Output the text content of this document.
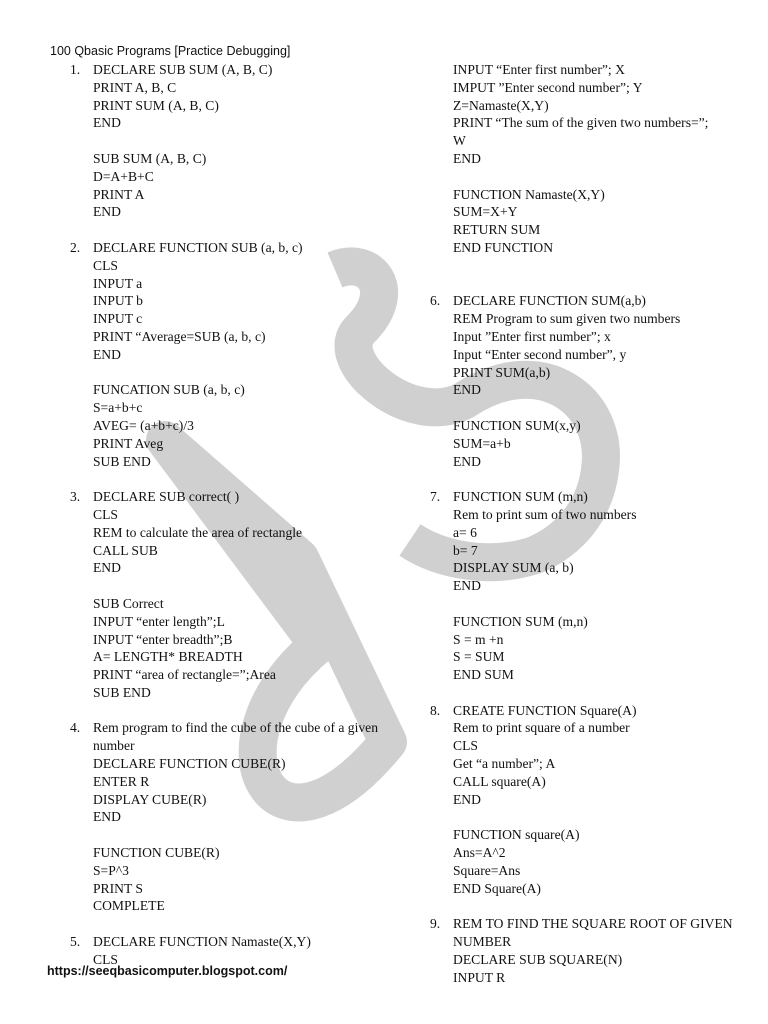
100 Qbasic Programs [Practice Debugging]
1. DECLARE SUB SUM (A, B, C)
PRINT A, B, C
PRINT SUM (A, B, C)
END
SUB SUM (A, B, C)
D=A+B+C
PRINT A
END
2. DECLARE FUNCTION SUB (a, b, c)
CLS
INPUT a
INPUT b
INPUT c
PRINT “Average=SUB (a, b, c)
END
FUNCATION SUB (a, b, c)
S=a+b+c
AVEG= (a+b+c)/3
PRINT Aveg
SUB END
3. DECLARE SUB correct( )
CLS
REM to calculate the area of rectangle
CALL SUB
END
SUB Correct
INPUT “enter length”;L
INPUT “enter breadth”;B
A= LENGTH* BREADTH
PRINT “area of rectangle=”;Area
SUB END
4. Rem program to find the cube of the cube of a given number
DECLARE FUNCTION CUBE(R)
ENTER R
DISPLAY CUBE(R)
END
FUNCTION CUBE(R)
S=P^3
PRINT S
COMPLETE
5. DECLARE FUNCTION Namaste(X,Y)
CLS
INPUT “Enter first number”; X
IMPUT ”Enter second number”; Y
Z=Namaste(X,Y)
PRINT “The sum of the given two numbers=”;
W
END
FUNCTION Namaste(X,Y)
SUM=X+Y
RETURN SUM
END FUNCTION
6. DECLARE FUNCTION SUM(a,b)
REM Program to sum given two numbers
Input ”Enter first number”; x
Input “Enter second number”, y
PRINT SUM(a,b)
END
FUNCTION SUM(x,y)
SUM=a+b
END
7. FUNCTION SUM (m,n)
Rem to print sum of two numbers
a= 6
b= 7
DISPLAY SUM (a, b)
END
FUNCTION SUM (m,n)
S = m +n
S = SUM
END SUM
8. CREATE FUNCTION Square(A)
Rem to print square of a number
CLS
Get “a number”; A
CALL square(A)
END
FUNCTION square(A)
Ans=A^2
Square=Ans
END Square(A)
9. REM TO FIND THE SQUARE ROOT OF GIVEN NUMBER
DECLARE SUB SQUARE(N)
INPUT R
https://seeqbasicomputer.blogspot.com/
